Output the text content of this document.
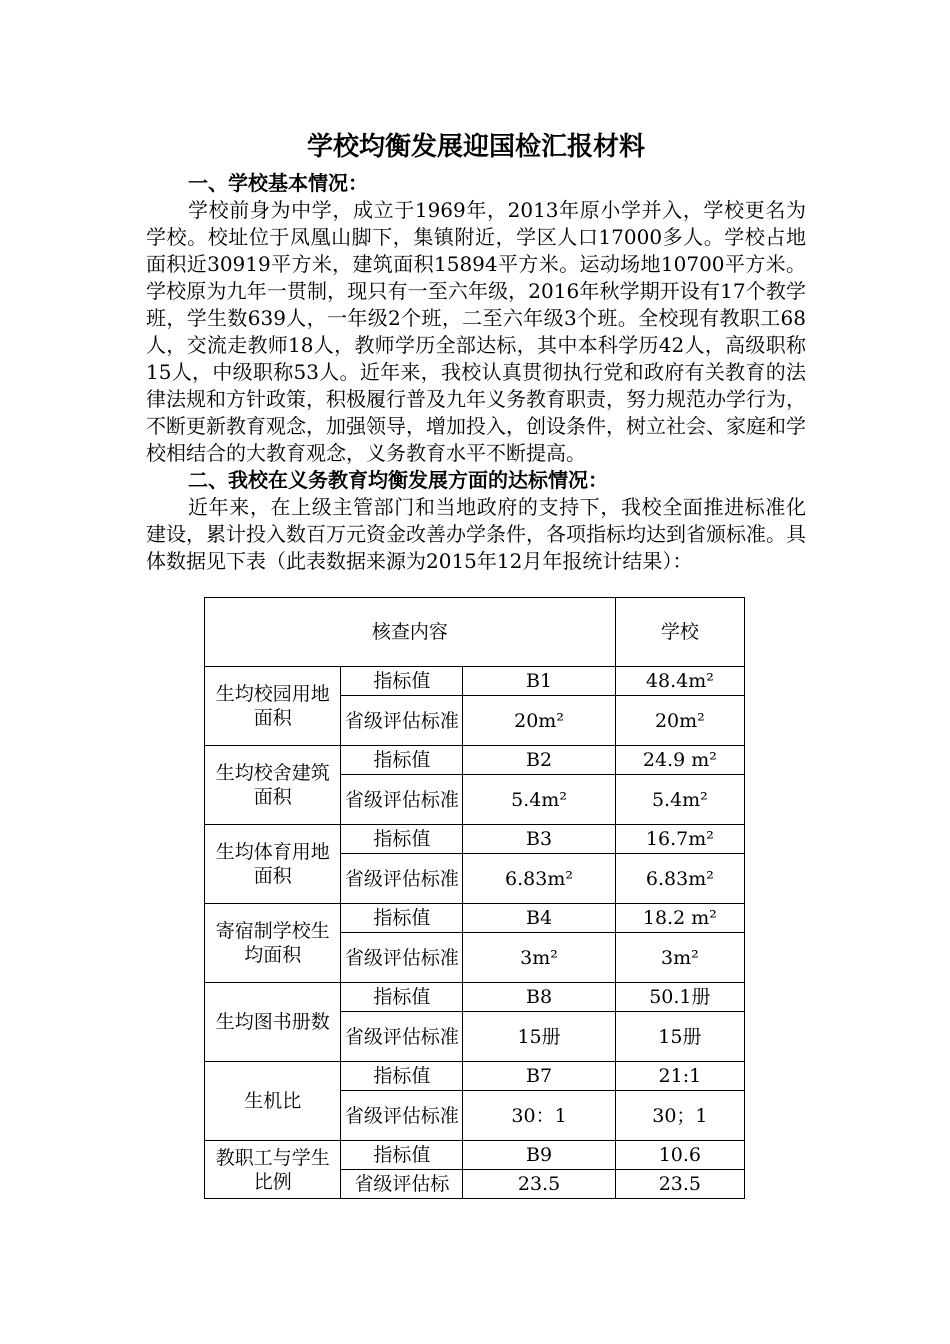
学校均衡发展迎国检汇报材料

一、学校基本情况：

学校前身为中学，成立于1969年，2013年原小学并入，学校更名为学校。校址位于凤凰山脚下，集镇附近，学区人口17000多人。学校占地面积近30919平方米，建筑面积15894平方米。运动场地10700平方米。学校原为九年一贯制，现只有一至六年级，2016年秋学期开设有17个教学班，学生数639人，一年级2个班，二至六年级3个班。全校现有教职工68人，交流走教师18人，教师学历全部达标，其中本科学历42人，高级职称15人，中级职称53人。近年来，我校认真贯彻执行党和政府有关教育的法律法规和方针政策，积极履行普及九年义务教育职责，努力规范办学行为，不断更新教育观念，加强领导，增加投入，创设条件，树立社会、家庭和学校相结合的大教育观念，义务教育水平不断提高。

二、我校在义务教育均衡发展方面的达标情况：

近年来，在上级主管部门和当地政府的支持下，我校全面推进标准化建设，累计投入数百万元资金改善办学条件，各项指标均达到省颁标准。具体数据见下表（此表数据来源为2015年12月年报统计结果）：

核查内容			学校
生均校园用地面积	指标值	B1	48.4m²
	省级评估标准	20m²	20m²
生均校舍建筑面积	指标值	B2	24.9 m²
	省级评估标准	5.4m²	5.4m²
生均体育用地面积	指标值	B3	16.7m²
	省级评估标准	6.83m²	6.83m²
寄宿制学校生均面积	指标值	B4	18.2 m²
	省级评估标准	3m²	3m²
生均图书册数	指标值	B8	50.1册
	省级评估标准	15册	15册
生机比	指标值	B7	21:1
	省级评估标准	30：1	30；1
教职工与学生比例	指标值	B9	10.6
	省级评估标	23.5	23.5
